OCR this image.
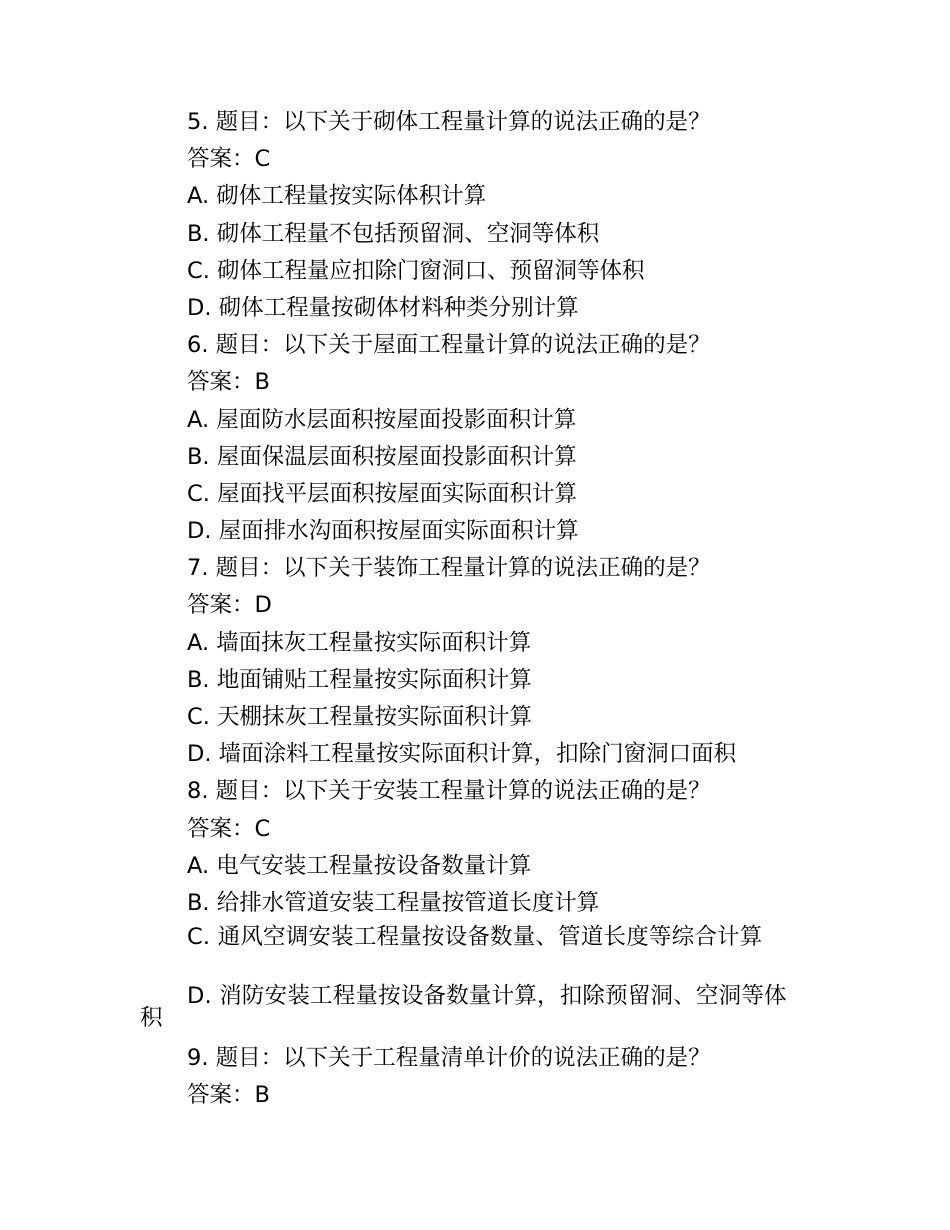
5. 题目：以下关于砌体工程量计算的说法正确的是？
答案：C
A. 砌体工程量按实际体积计算
B. 砌体工程量不包括预留洞、空洞等体积
C. 砌体工程量应扣除门窗洞口、预留洞等体积
D. 砌体工程量按砌体材料种类分别计算
6. 题目：以下关于屋面工程量计算的说法正确的是？
答案：B
A. 屋面防水层面积按屋面投影面积计算
B. 屋面保温层面积按屋面投影面积计算
C. 屋面找平层面积按屋面实际面积计算
D. 屋面排水沟面积按屋面实际面积计算
7. 题目：以下关于装饰工程量计算的说法正确的是？
答案：D
A. 墙面抹灰工程量按实际面积计算
B. 地面铺贴工程量按实际面积计算
C. 天棚抹灰工程量按实际面积计算
D. 墙面涂料工程量按实际面积计算，扣除门窗洞口面积
8. 题目：以下关于安装工程量计算的说法正确的是？
答案：C
A. 电气安装工程量按设备数量计算
B. 给排水管道安装工程量按管道长度计算
C. 通风空调安装工程量按设备数量、管道长度等综合计算
D. 消防安装工程量按设备数量计算，扣除预留洞、空洞等体积
9. 题目：以下关于工程量清单计价的说法正确的是？
答案：B
